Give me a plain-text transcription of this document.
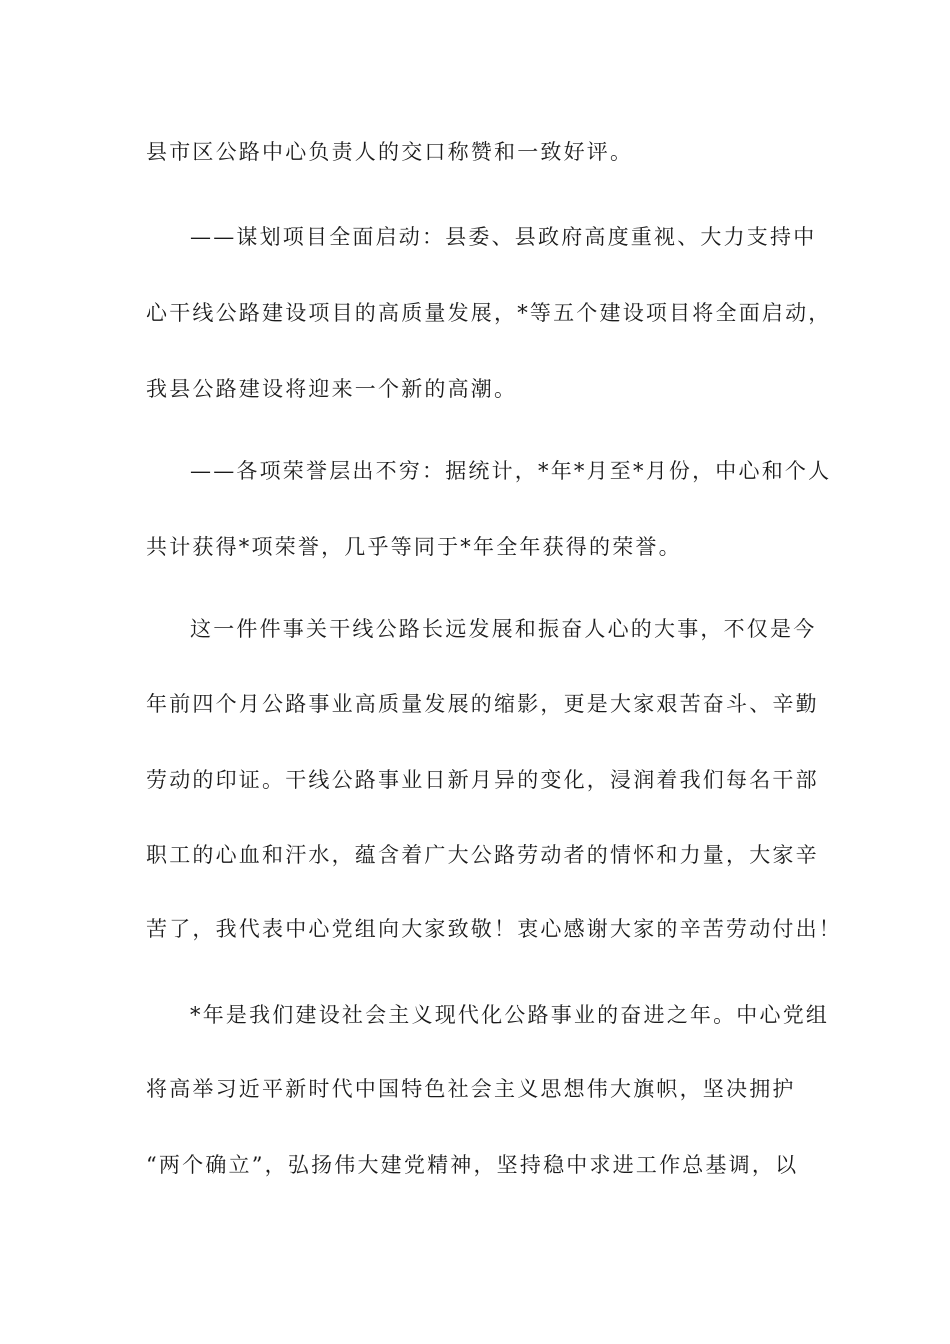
县市区公路中心负责人的交口称赞和一致好评。
——谋划项目全面启动：县委、县政府高度重视、大力支持中
心干线公路建设项目的高质量发展，*等五个建设项目将全面启动，
我县公路建设将迎来一个新的高潮。
——各项荣誉层出不穷：据统计，*年*月至*月份，中心和个人
共计获得*项荣誉，几乎等同于*年全年获得的荣誉。
这一件件事关干线公路长远发展和振奋人心的大事，不仅是今
年前四个月公路事业高质量发展的缩影，更是大家艰苦奋斗、辛勤
劳动的印证。干线公路事业日新月异的变化，浸润着我们每名干部
职工的心血和汗水，蕴含着广大公路劳动者的情怀和力量，大家辛
苦了，我代表中心党组向大家致敬！衷心感谢大家的辛苦劳动付出！
*年是我们建设社会主义现代化公路事业的奋进之年。中心党组
将高举习近平新时代中国特色社会主义思想伟大旗帜，坚决拥护
“两个确立”，弘扬伟大建党精神，坚持稳中求进工作总基调，以
